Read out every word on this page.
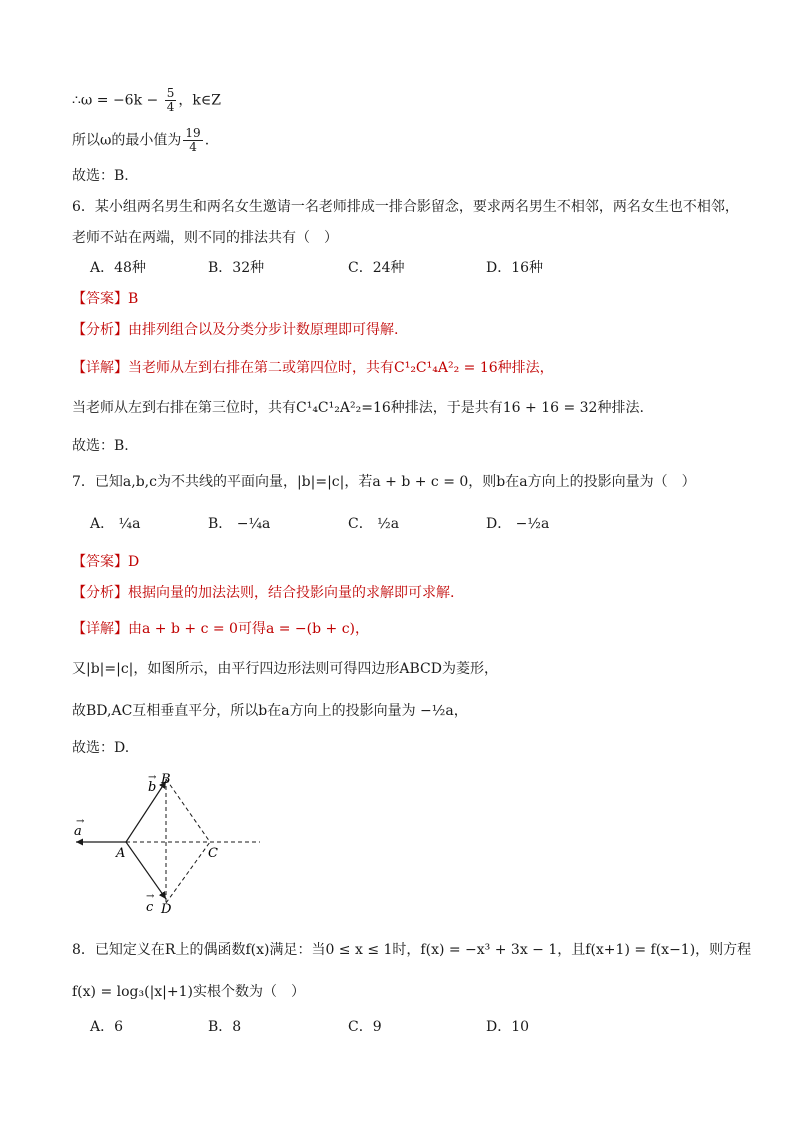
∴ω = $-6k - \frac{5}{4}$ ，k∈Z
所以ω的最小值为 $\frac{19}{4}$ .
故选：B.
6．某小组两名男生和两名女生邀请一名老师排成一排合影留念，要求两名男生不相邻，两名女生也不相邻，
老师不站在两端，则不同的排法共有（　）
A．48种	B．32种	C．24种	D．16种
【答案】B
【分析】由排列组合以及分类分步计数原理即可得解.
【详解】当老师从左到右排在第二或第四位时，共有C¹₂C¹₄A²₂ = 16种排法，
当老师从左到右排在第三位时，共有C¹₄C¹₂A²₂=16种排法，于是共有16 + 16 = 32种排法.
故选：B.
7．已知a,b,c为不共线的平面向量，|b|=|c|，若a + b + c = 0，则b在a方向上的投影向量为（　）
A． ¼a	B． −¼a	C． ½a	D． −½a
【答案】D
【分析】根据向量的加法法则，结合投影向量的求解即可求解.
【详解】由a + b + c = 0可得a = −(b + c)，
又|b|=|c|，如图所示，由平行四边形法则可得四边形ABCD为菱形，
故BD,AC互相垂直平分，所以b在a方向上的投影向量为 −½a，
故选：D.
a
b
c
A
B
C
D
→
→
→
8．已知定义在R上的偶函数f(x)满足：当0 ≤ x ≤ 1时，f(x) = −x³ + 3x − 1，且f(x+1) = f(x−1)，则方程
f(x) = log₃(|x|+1)实根个数为（　）
A．6	B．8	C．9	D．10
